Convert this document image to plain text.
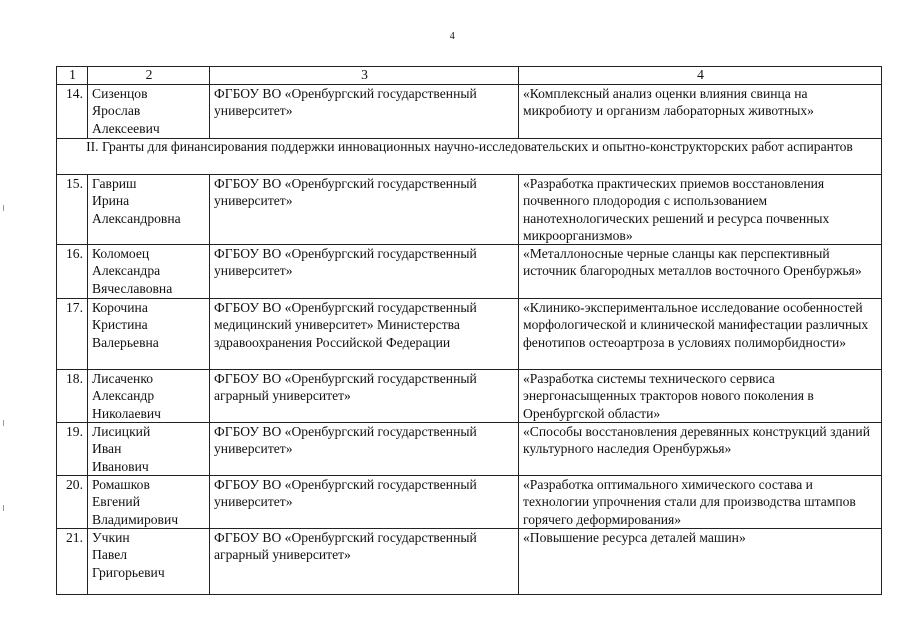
4
1	2	3	4
14.	Сизенцов
Ярослав
Алексеевич	ФГБОУ ВО «Оренбургский государственный университет»	«Комплексный анализ оценки влияния свинца на микробиоту и организм лабораторных животных»
II. Гранты для финансирования поддержки инновационных научно-исследовательских и опытно-конструкторских работ аспирантов			
15.	Гавриш
Ирина
Александровна	ФГБОУ ВО «Оренбургский государственный университет»	«Разработка практических приемов восстановления почвенного плодородия с использованием нанотехнологических решений и ресурса почвенных микроорганизмов»
16.	Коломоец
Александра
Вячеславовна	ФГБОУ ВО «Оренбургский государственный университет»	«Металлоносные черные сланцы как перспективный источник благородных металлов восточного Оренбуржья»
17.	Корочина
Кристина
Валерьевна	ФГБОУ ВО «Оренбургский государственный медицинский университет» Министерства здравоохранения Российской Федерации	«Клинико-экспериментальное исследование особенностей морфологической и клинической манифестации различных фенотипов остеоартроза в условиях полиморбидности»
18.	Лисаченко
Александр
Николаевич	ФГБОУ ВО «Оренбургский государственный аграрный университет»	«Разработка системы технического сервиса энергонасыщенных тракторов нового поколения в Оренбургской области»
19.	Лисицкий
Иван
Иванович	ФГБОУ ВО «Оренбургский государственный университет»	«Способы восстановления деревянных конструкций зданий культурного наследия Оренбуржья»
20.	Ромашков
Евгений
Владимирович	ФГБОУ ВО «Оренбургский государственный университет»	«Разработка оптимального химического состава и технологии упрочнения стали для производства штампов горячего деформирования»
21.	Учкин
Павел
Григорьевич	ФГБОУ ВО «Оренбургский государственный аграрный университет»	«Повышение ресурса деталей машин»
